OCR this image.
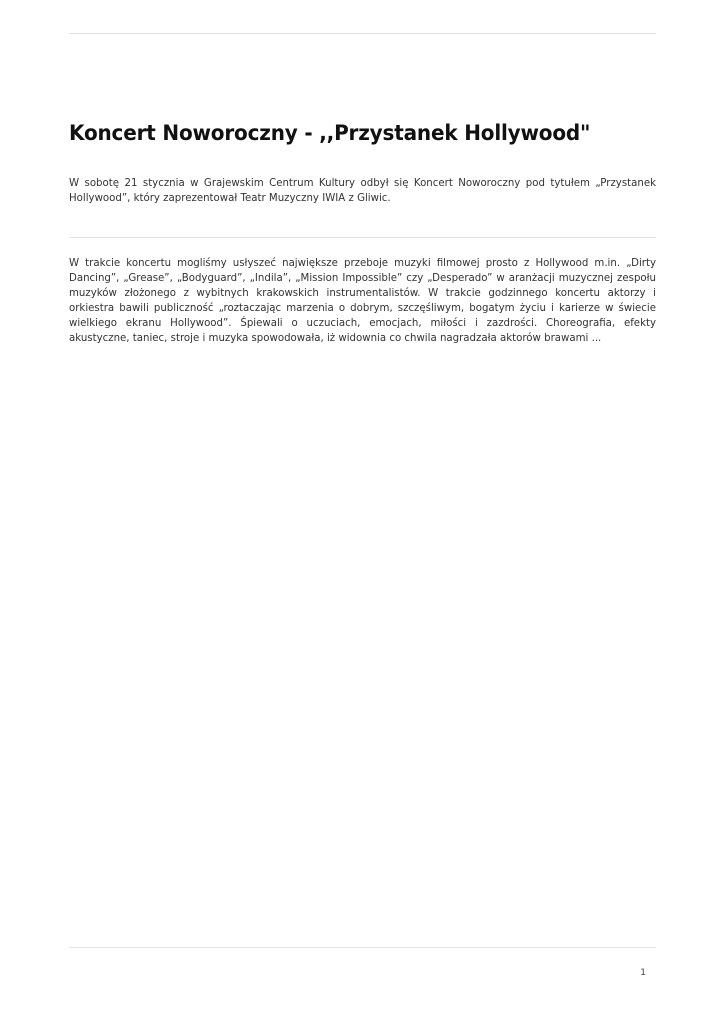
Koncert Noworoczny - ,,Przystanek Hollywood"

W sobotę 21 stycznia w Grajewskim Centrum Kultury odbył się Koncert Noworoczny pod tytułem „Przystanek Hollywood”, który zaprezentował Teatr Muzyczny IWIA z Gliwic.

W trakcie koncertu mogliśmy usłyszeć największe przeboje muzyki filmowej prosto z Hollywood m.in. „Dirty Dancing”, „Grease”, „Bodyguard”, „Indila”, „Mission Impossible” czy „Desperado” w aranżacji muzycznej zespołu muzyków złożonego z wybitnych krakowskich instrumentalistów. W trakcie godzinnego koncertu aktorzy i orkiestra bawili publiczność „roztaczając marzenia o dobrym, szczęśliwym, bogatym życiu i karierze w świecie wielkiego ekranu Hollywood”. Śpiewali o uczuciach, emocjach, miłości i zazdrości. Choreografia, efekty akustyczne, taniec, stroje i muzyka spowodowała, iż widownia co chwila nagradzała aktorów brawami ...

1
